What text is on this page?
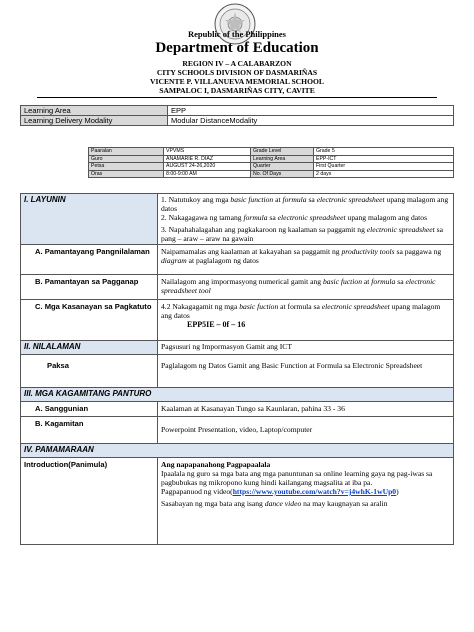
Republic of the Philippines
Department of Education
REGION IV – A CALABARZON
CITY SCHOOLS DIVISION OF DASMARIÑAS
VICENTE P. VILLANUEVA MEMORIAL SCHOOL
SAMPALOC I, DASMARIÑAS CITY, CAVITE
Learning Area	EPP
Learning Delivery Modality	Modular DistanceModality
Paaralan	VPVMS	Grade Level	Grade 5
Guro	ANAMARIE R. DIAZ	Learning Area	EPP-ICT
Petsa	AUGUST 24-26,2020	Quarter	First Quarter
Oras	8:00-9:00 AM	No. Of Days	2 days
I. LAYUNIN	1. Natutukoy ang mga basic function at formula sa electronic spreadsheet upang malagom ang datos
2. Nakagagawa ng tamang formula sa electronic spreadsheet upang malagom ang datos
3. Napahahalagahan ang pagkakaroon ng kaalaman sa paggamit ng electronic spreadsheet sa pang – araw – araw na gawain

A. Pamantayang Pangnilalaman	Naipamamalas ang kaalaman at kakayahan sa paggamit ng productivity tools sa paggawa ng diagram at paglalagom ng datos
B. Pamantayan sa Pagganap	Nailalagom ang impormasyong numerical gamit ang basic fuction at formula sa electronic spreadsheet tool
C. Mga Kasanayan sa Pagkatuto	4.2 Nakagagamit ng mga basic fuction at formula sa electronic spreadsheet upang malagom ang datos
EPP5IE – 0f – 16

II. NILALAMAN	Pagsusuri ng Impormasyon Gamit ang ICT
Paksa	Paglalagom ng Datos Gamit ang Basic Function at Formula sa Electronic Spreadsheet
III. MGA KAGAMITANG PANTURO	
A. Sanggunian	Kaalaman at Kasanayan Tungo sa Kaunlaran, pahina 33 - 36
B. Kagamitan	Powerpoint Presentation, video, Laptop/computer
IV. PAMAMARAAN	
Introduction(Panimula)	Ang napapanahong Pagpapaalala
Ipaalala ng guro sa mga bata ang mga panuntunan sa online learning gaya ng pag-iwas sa pagbubukas ng mikropono kung hindi kailangang magsalita at iba pa.
Pagpapanuod ng video(https://www.youtube.com/watch?v=j4whK-1wUp0)
Sasabayan ng mga bata ang isang dance video na may kaugnayan sa aralin
